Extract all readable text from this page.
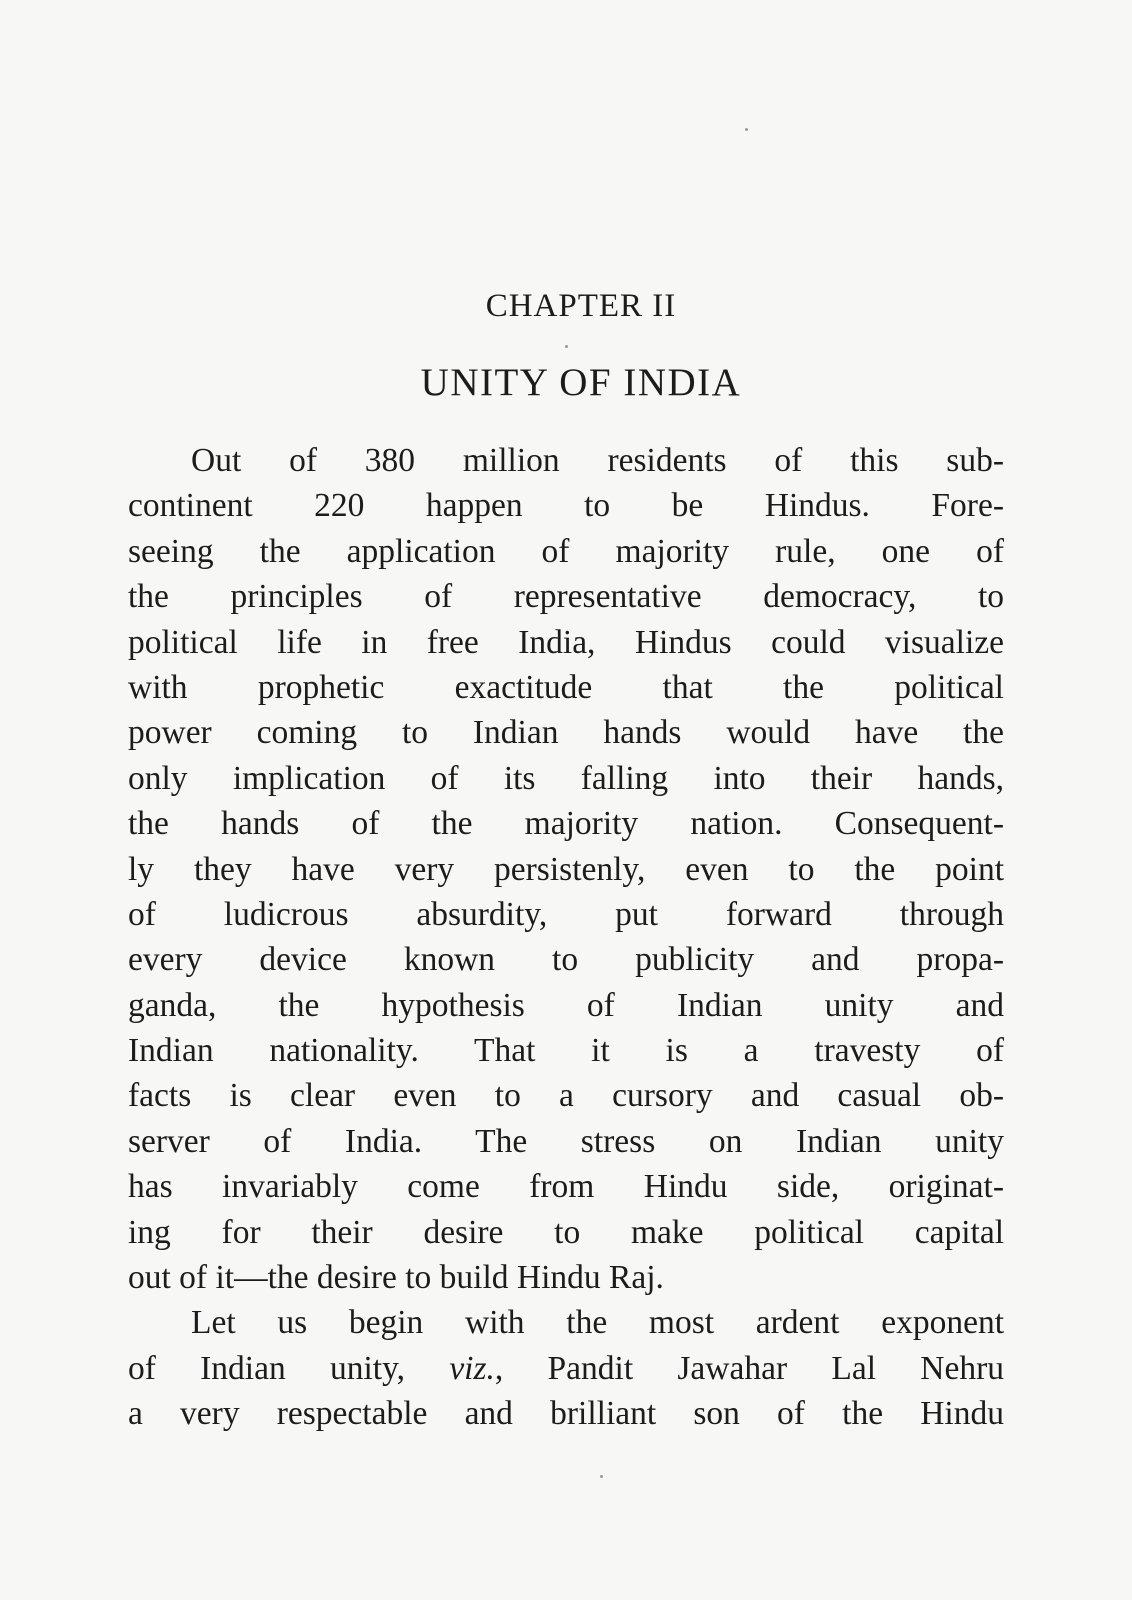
CHAPTER II
UNITY OF INDIA
Out of 380 million residents of this sub-
continent 220 happen to be Hindus. Fore-
seeing the application of majority rule, one of
the principles of representative democracy, to
political life in free India, Hindus could visualize
with prophetic exactitude that the political
power coming to Indian hands would have the
only implication of its falling into their hands,
the hands of the majority nation. Consequent-
ly they have very persistenly, even to the point
of ludicrous absurdity, put forward through
every device known to publicity and propa-
ganda, the hypothesis of Indian unity and
Indian nationality. That it is a travesty of
facts is clear even to a cursory and casual ob-
server of India. The stress on Indian unity
has invariably come from Hindu side, originat-
ing for their desire to make political capital
out of it—the desire to build Hindu Raj.
Let us begin with the most ardent exponent
of Indian unity, viz., Pandit Jawahar Lal Nehru
a very respectable and brilliant son of the Hindu
